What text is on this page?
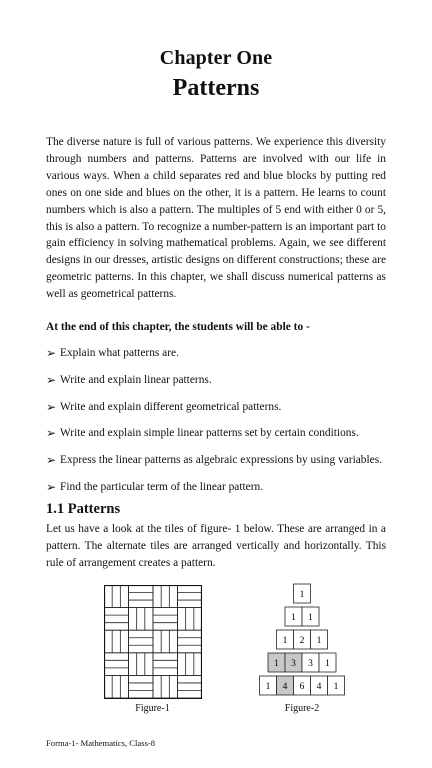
Chapter One
Patterns

The diverse nature is full of various patterns. We experience this diversity through numbers and patterns. Patterns are involved with our life in various ways. When a child separates red and blue blocks by putting red ones on one side and blues on the other, it is a pattern. He learns to count numbers which is also a pattern. The multiples of 5 end with either 0 or 5, this is also a pattern. To recognize a number-pattern is an important part to gain efficiency in solving mathematical problems. Again, we see different designs in our dresses, artistic designs on different constructions; these are geometric patterns. In this chapter, we shall discuss numerical patterns as well as geometrical patterns.

At the end of this chapter, the students will be able to -

➢ Explain what patterns are.
➢ Write and explain linear patterns.
➢ Write and explain different geometrical patterns.
➢ Write and explain simple linear patterns set by certain conditions.
➢ Express the linear patterns as algebraic expressions by using variables.
➢ Find the particular term of the linear pattern.

1.1 Patterns

Let us have a look at the tiles of figure- 1 below. These are arranged in a pattern. The alternate tiles are arranged vertically and horizontally. This rule of arrangement creates a pattern.

Figure-1
1
1 1
1 2 1
1 3 3 1
1 4 6 4 1
Figure-2
Forma-1- Mathematics, Class-8
